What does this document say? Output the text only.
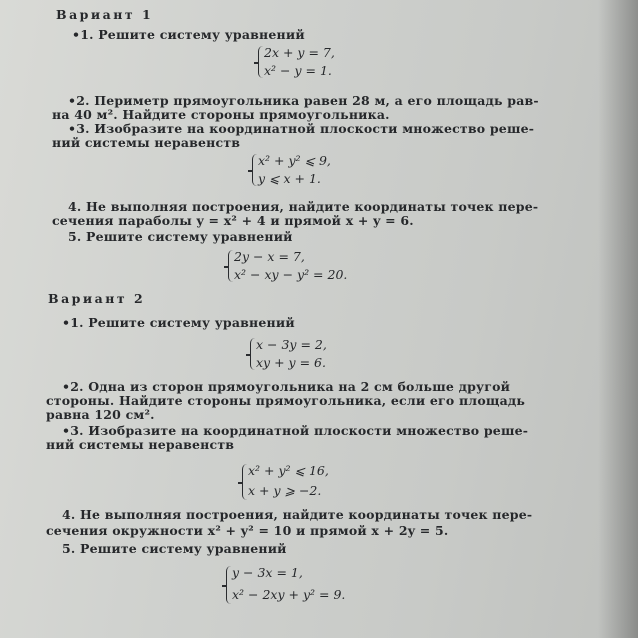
Вариант 1
•1. Решите систему уравнений
2x + y = 7,
x² − y = 1.
•2. Периметр прямоугольника равен 28 м, а его площадь рав-
на 40 м². Найдите стороны прямоугольника.
•3. Изобразите на координатной плоскости множество реше-
ний системы неравенств
x² + y² ⩽ 9,
y ⩽ x + 1.
4. Не выполняя построения, найдите координаты точек пере-
сечения параболы y = x² + 4 и прямой x + y = 6.
5. Решите систему уравнений
2y − x = 7,
x² − xy − y² = 20.
Вариант 2
•1. Решите систему уравнений
x − 3y = 2,
xy + y = 6.
•2. Одна из сторон прямоугольника на 2 см больше другой
стороны. Найдите стороны прямоугольника, если его площадь
равна 120 см².
•3. Изобразите на координатной плоскости множество реше-
ний системы неравенств
x² + y² ⩽ 16,
x + y ⩾ −2.
4. Не выполняя построения, найдите координаты точек пере-
сечения окружности x² + y² = 10 и прямой x + 2y = 5.
5. Решите систему уравнений
y − 3x = 1,
x² − 2xy + y² = 9.
